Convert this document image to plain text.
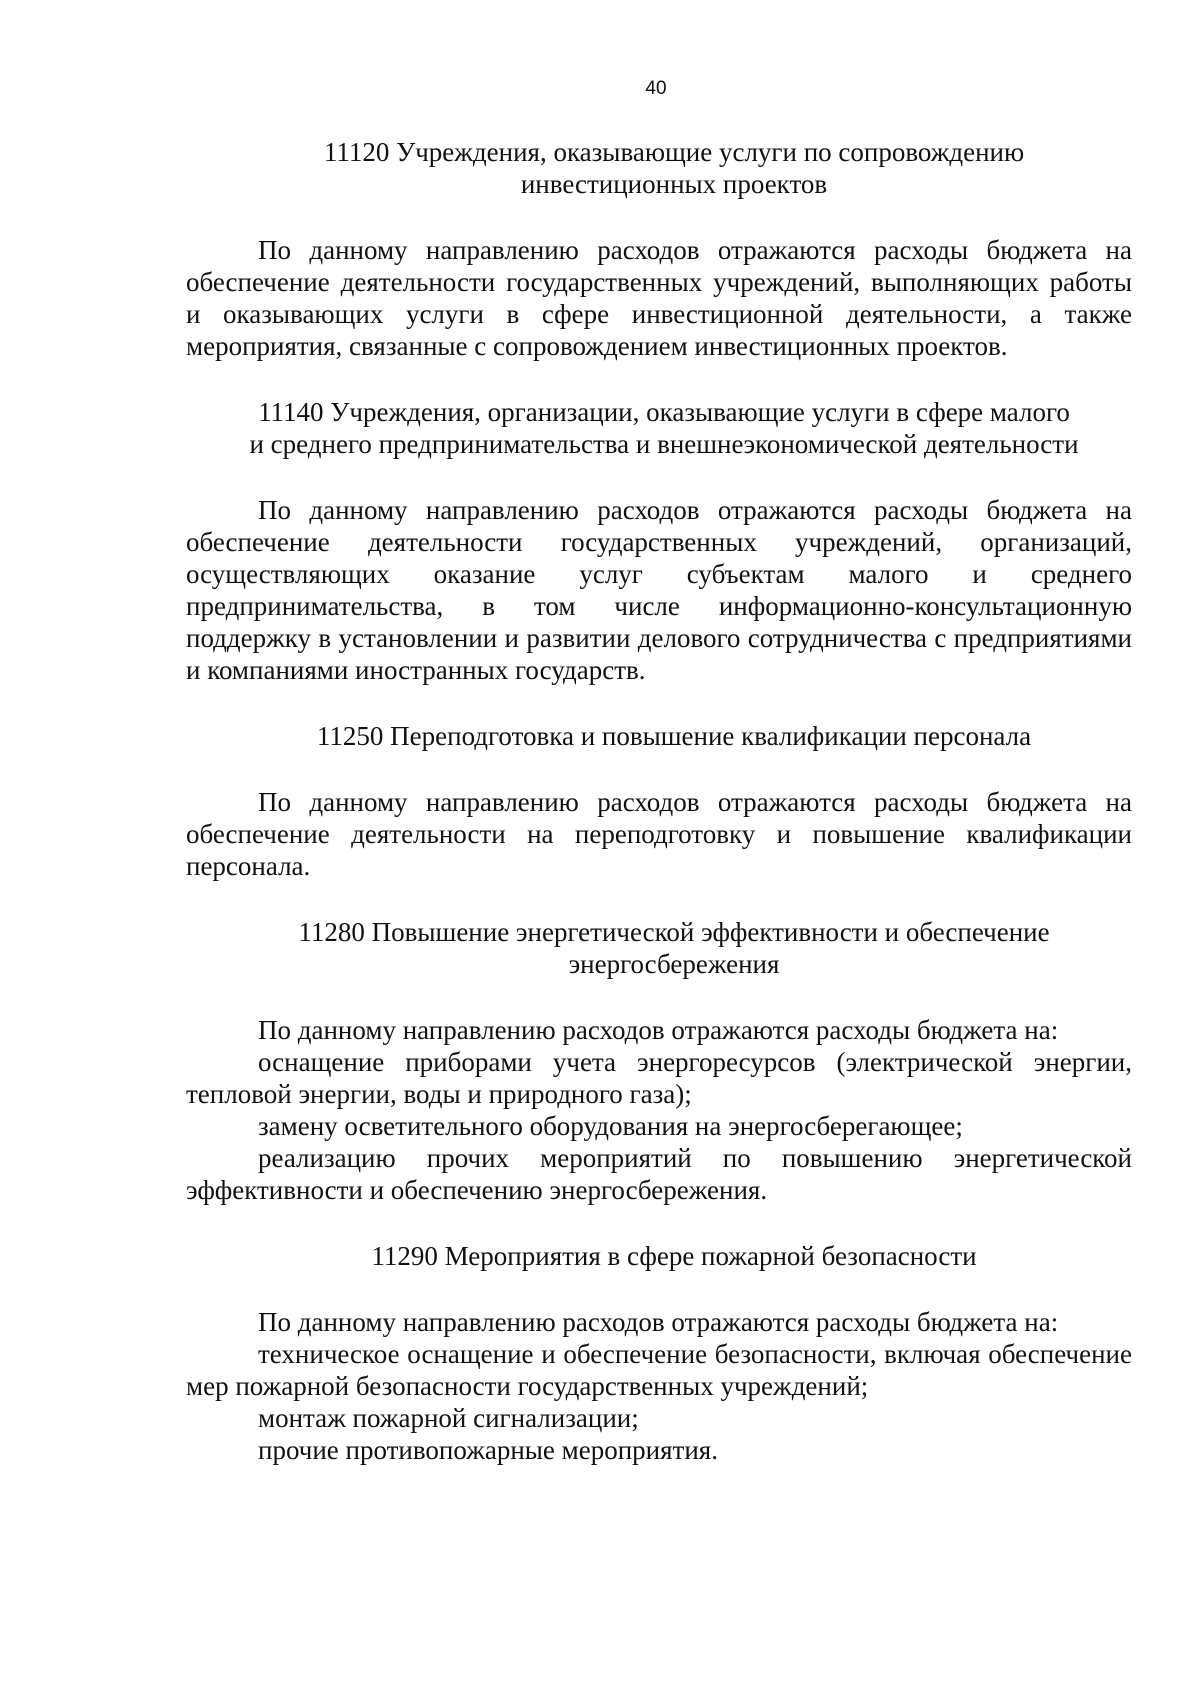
40
11120 Учреждения, оказывающие услуги по сопровождению
инвестиционных проектов

По данному направлению расходов отражаются расходы бюджета на обеспечение деятельности государственных учреждений, выполняющих работы и оказывающих услуги в сфере инвестиционной деятельности, а также мероприятия, связанные с сопровождением инвестиционных проектов.

11140 Учреждения, организации, оказывающие услуги в сфере малого
и среднего предпринимательства и внешнеэкономической деятельности

По данному направлению расходов отражаются расходы бюджета на обеспечение деятельности государственных учреждений, организаций, осуществляющих оказание услуг субъектам малого и среднего предпринимательства, в том числе информационно-консультационную поддержку в установлении и развитии делового сотрудничества с предприятиями и компаниями иностранных государств.

11250 Переподготовка и повышение квалификации персонала

По данному направлению расходов отражаются расходы бюджета на обеспечение деятельности на переподготовку и повышение квалификации персонала.

11280 Повышение энергетической эффективности и обеспечение
энергосбережения

По данному направлению расходов отражаются расходы бюджета на:

оснащение приборами учета энергоресурсов (электрической энергии, тепловой энергии, воды и природного газа);

замену осветительного оборудования на энергосберегающее;

реализацию прочих мероприятий по повышению энергетической эффективности и обеспечению энергосбережения.

11290 Мероприятия в сфере пожарной безопасности

По данному направлению расходов отражаются расходы бюджета на:

техническое оснащение и обеспечение безопасности, включая обеспечение мер пожарной безопасности государственных учреждений;

монтаж пожарной сигнализации;

прочие противопожарные мероприятия.
